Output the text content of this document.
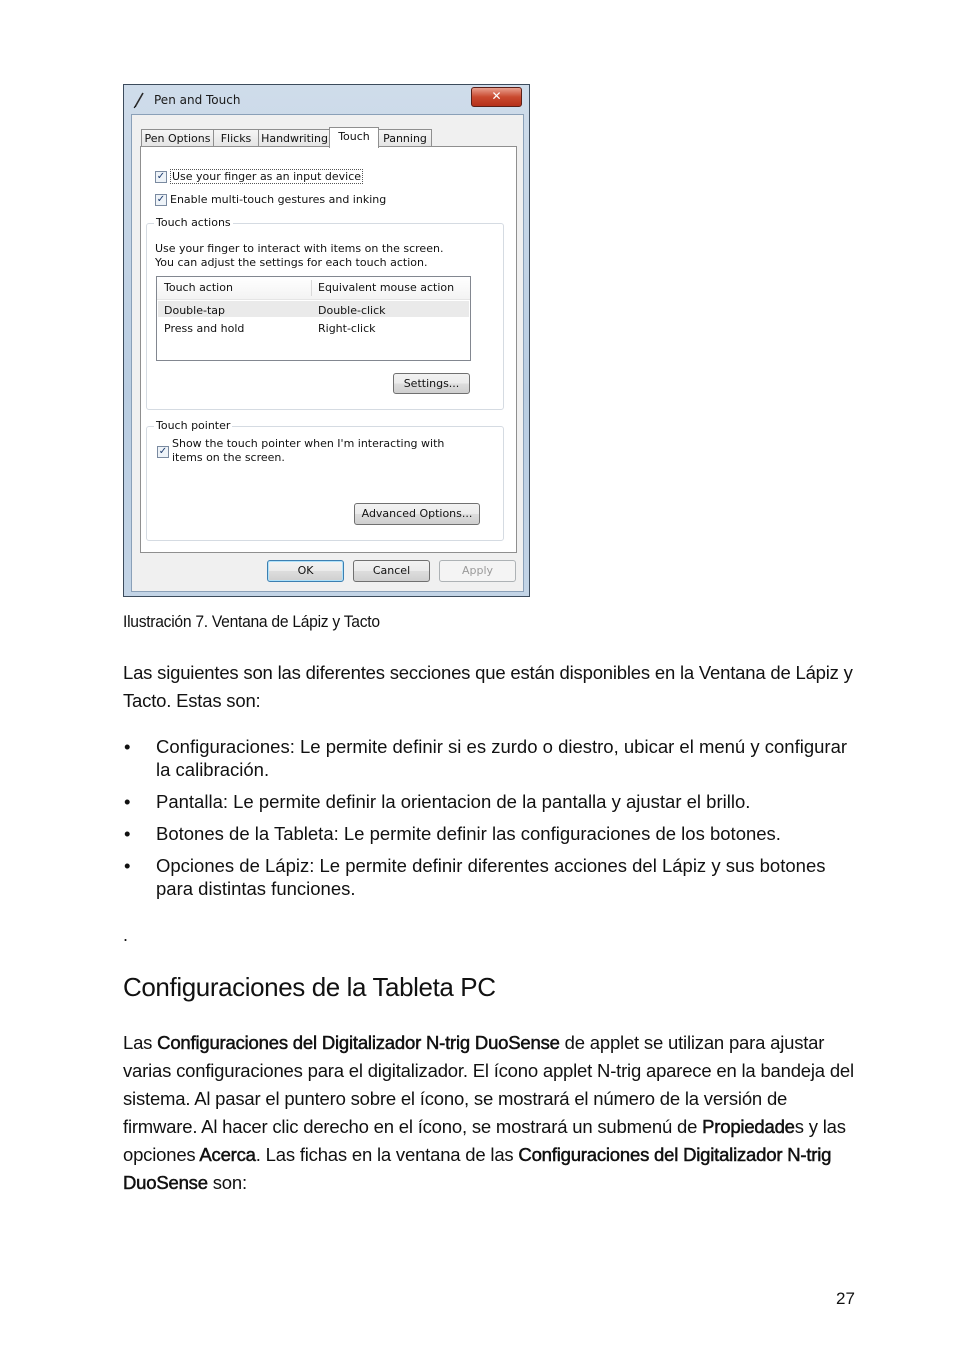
Pen and Touch	✕
Pen Options Flicks Handwriting Touch	Panning
✓ Use your finger as an input device
✓ Enable multi-touch gestures and inking
Touch actions
Use your finger to interact with items on the screen. You can adjust the settings for each touch action.
Touch action	Equivalent mouse action
Double-tap	Double-click
Press and hold	Right-click
Settings...
Touch pointer
✓
Show the touch pointer when I'm interacting with items on the screen.
Advanced Options...
OK	Cancel	Apply
Ilustración 7. Ventana de Lápiz y Tacto
Las siguientes son las diferentes secciones que están disponibles en la Ventana de Lápiz y Tacto. Estas son:
• Configuraciones: Le permite definir si es zurdo o diestro, ubicar el menú y configurar la calibración.
• Pantalla: Le permite definir la orientacion de la pantalla y ajustar el brillo.
• Botones de la Tableta: Le permite definir las configuraciones de los botones.
• Opciones de Lápiz: Le permite definir diferentes acciones del Lápiz y sus botones para distintas funciones.
.
Configuraciones de la Tableta PC
Las Configuraciones del Digitalizador N-trig DuoSense de applet se utilizan para ajustar varias configuraciones para el digitalizador. El ícono applet N-trig aparece en la bandeja del sistema. Al pasar el puntero sobre el ícono, se mostrará el número de la versión de firmware. Al hacer clic derecho en el ícono, se mostrará un submenú de Propiedades y las opciones Acerca. Las fichas en la ventana de las Configuraciones del Digitalizador N-trig DuoSense son:
27
